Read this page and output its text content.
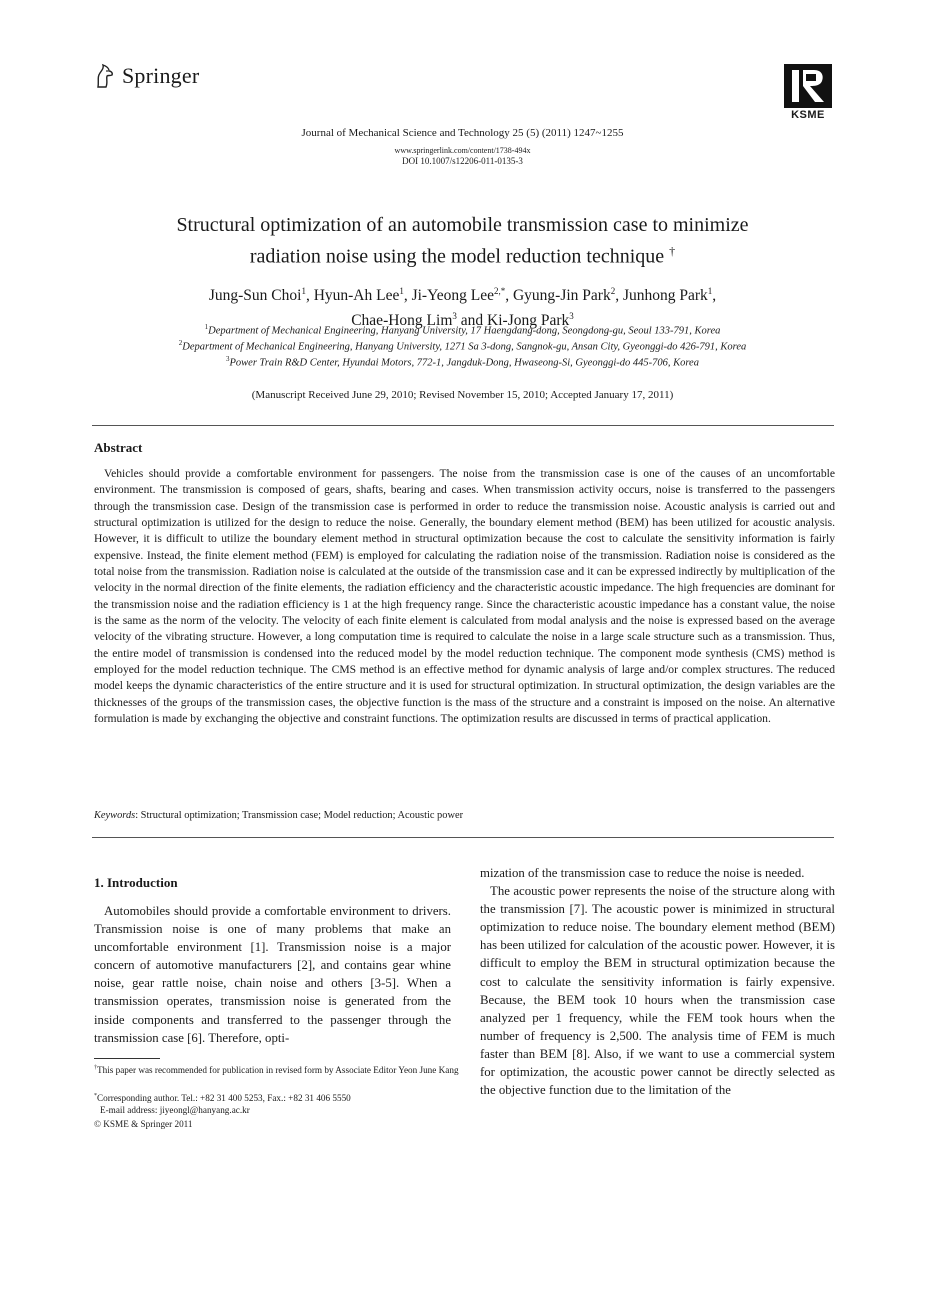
Springer
KSME
Journal of Mechanical Science and Technology 25 (5) (2011) 1247~1255
www.springerlink.com/content/1738-494x
DOI 10.1007/s12206-011-0135-3
Structural optimization of an automobile transmission case to minimize
radiation noise using the model reduction technique †
Jung-Sun Choi$^1$, Hyun-Ah Lee$^1$, Ji-Yeong Lee$^{2,*}$, Gyung-Jin Park$^2$, Junhong Park$^1$,
Chae-Hong Lim$^3$ and Ki-Jong Park$^3$
$^1$Department of Mechanical Engineering, Hanyang University, 17 Haengdang-dong, Seongdong-gu, Seoul 133-791, Korea
$^2$Department of Mechanical Engineering, Hanyang University, 1271 Sa 3-dong, Sangnok-gu, Ansan City, Gyeonggi-do 426-791, Korea
$^3$Power Train R&D Center, Hyundai Motors, 772-1, Jangduk-Dong, Hwaseong-Si, Gyeonggi-do 445-706, Korea
(Manuscript Received June 29, 2010; Revised November 15, 2010; Accepted January 17, 2011)
Abstract
Vehicles should provide a comfortable environment for passengers. The noise from the transmission case is one of the causes of an uncomfortable environment. The transmission is composed of gears, shafts, bearing and cases. When transmission activity occurs, noise is transferred to the passengers through the transmission case. Design of the transmission case is performed in order to reduce the transmission noise. Acoustic analysis is carried out and structural optimization is utilized for the design to reduce the noise. Generally, the boundary element method (BEM) has been utilized for acoustic analysis. However, it is difficult to utilize the boundary element method in structural optimization because the cost to calculate the sensitivity information is fairly expensive. Instead, the finite element method (FEM) is employed for calculating the radiation noise of the transmission. Radiation noise is considered as the total noise from the transmission. Radiation noise is calculated at the outside of the transmission case and it can be expressed indirectly by multiplication of the velocity in the normal direction of the finite elements, the radiation efficiency and the characteristic acoustic impedance. The high frequencies are dominant for the transmission noise and the radiation efficiency is 1 at the high frequency range. Since the characteristic acoustic impedance has a constant value, the noise is the same as the norm of the velocity. The velocity of each finite element is calculated from modal analysis and the noise is expressed based on the average velocity of the vibrating structure. However, a long computation time is required to calculate the noise in a large scale structure such as a transmission. Thus, the entire model of transmission is condensed into the reduced model by the model reduction technique. The component mode synthesis (CMS) method is employed for the model reduction technique. The CMS method is an effective method for dynamic analysis of large and/or complex structures. The reduced model keeps the dynamic characteristics of the entire structure and it is used for structural optimization. In structural optimization, the design variables are the thicknesses of the groups of the transmission cases, the objective function is the mass of the structure and a constraint is imposed on the noise. An alternative formulation is made by exchanging the objective and constraint functions. The optimization results are discussed in terms of practical application.
Keywords: Structural optimization; Transmission case; Model reduction; Acoustic power
1. Introduction
Automobiles should provide a comfortable environment to drivers. Transmission noise is one of many problems that make an uncomfortable environment [1]. Transmission noise is a major concern of automotive manufacturers [2], and contains gear whine noise, gear rattle noise, chain noise and others [3-5]. When a transmission operates, transmission noise is generated from the inside components and transferred to the passenger through the transmission case [6]. Therefore, opti-
mization of the transmission case to reduce the noise is needed.
The acoustic power represents the noise of the structure along with the transmission [7]. The acoustic power is minimized in structural optimization to reduce noise. The boundary element method (BEM) has been utilized for calculation of the acoustic power. However, it is difficult to employ the BEM in structural optimization because the cost to calculate the sensitivity information is fairly expensive. Because, the BEM took 10 hours when the transmission case analyzed per 1 frequency, while the FEM took hours when the number of frequency is 2,500. The analysis time of FEM is much faster than BEM [8]. Also, if we want to use a commercial system for optimization, the acoustic power cannot be directly selected as the objective function due to the limitation of the
†This paper was recommended for publication in revised form by Associate Editor Yeon June Kang
*Corresponding author. Tel.: +82 31 400 5253, Fax.: +82 31 406 5550
E-mail address: jiyeongl@hanyang.ac.kr
© KSME & Springer 2011
